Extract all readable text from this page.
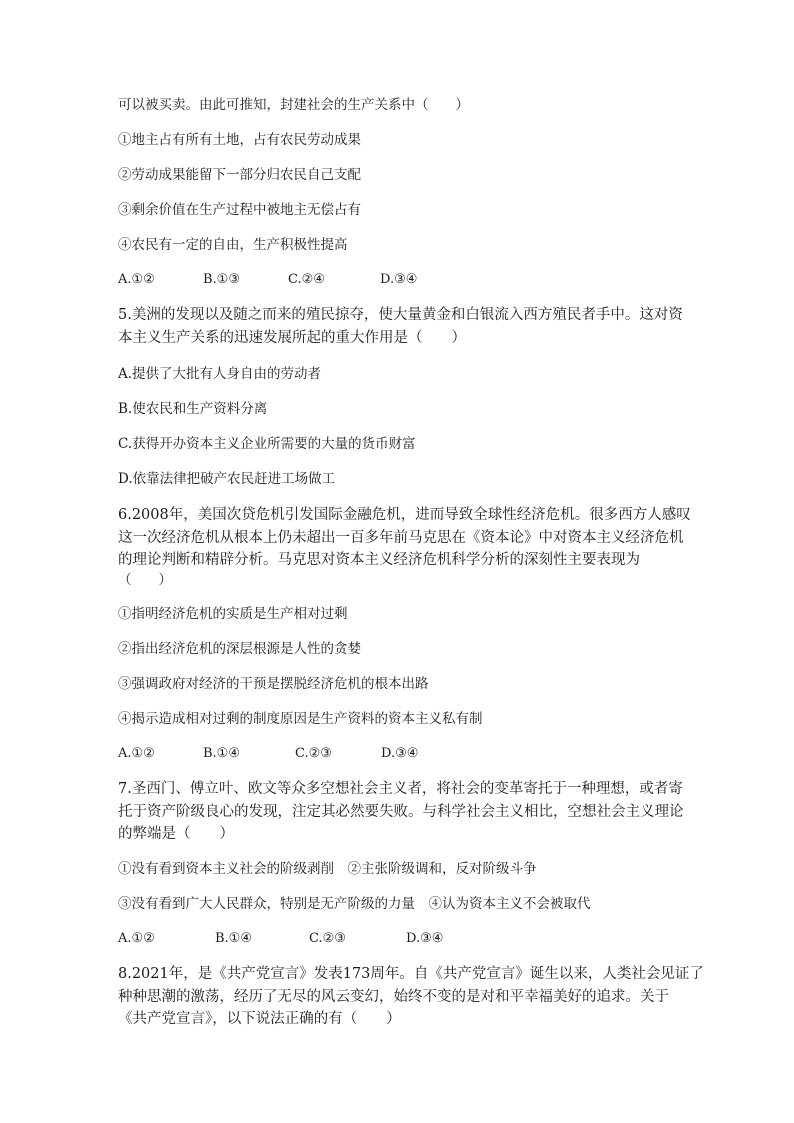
可以被买卖。由此可推知，封建社会的生产关系中（　　）

①地主占有所有土地，占有农民劳动成果

②劳动成果能留下一部分归农民自己支配

③剩余价值在生产过程中被地主无偿占有

④农民有一定的自由，生产积极性提高

A.①②	B.①③	C.②④	D.③④

5.美洲的发现以及随之而来的殖民掠夺，使大量黄金和白银流入西方殖民者手中。这对资

本主义生产关系的迅速发展所起的重大作用是（　　）

A.提供了大批有人身自由的劳动者

B.使农民和生产资料分离

C.获得开办资本主义企业所需要的大量的货币财富

D.依靠法律把破产农民赶进工场做工

6.2008年，美国次贷危机引发国际金融危机，进而导致全球性经济危机。很多西方人感叹

这一次经济危机从根本上仍未超出一百多年前马克思在《资本论》中对资本主义经济危机

的理论判断和精辟分析。马克思对资本主义经济危机科学分析的深刻性主要表现为

（　　）

①指明经济危机的实质是生产相对过剩

②指出经济危机的深层根源是人性的贪婪

③强调政府对经济的干预是摆脱经济危机的根本出路

④揭示造成相对过剩的制度原因是生产资料的资本主义私有制

A.①②	B.①④	C.②③	D.③④

7.圣西门、傅立叶、欧文等众多空想社会主义者，将社会的变革寄托于一种理想，或者寄

托于资产阶级良心的发现，注定其必然要失败。与科学社会主义相比，空想社会主义理论

的弊端是（　　）

①没有看到资本主义社会的阶级剥削　②主张阶级调和，反对阶级斗争

③没有看到广大人民群众，特别是无产阶级的力量　④认为资本主义不会被取代

A.①②	B.①④	C.②③	D.③④

8.2021年，是《共产党宣言》发表173周年。自《共产党宣言》诞生以来，人类社会见证了

种种思潮的激荡，经历了无尽的风云变幻，始终不变的是对和平幸福美好的追求。关于

《共产党宣言》，以下说法正确的有（　　）
